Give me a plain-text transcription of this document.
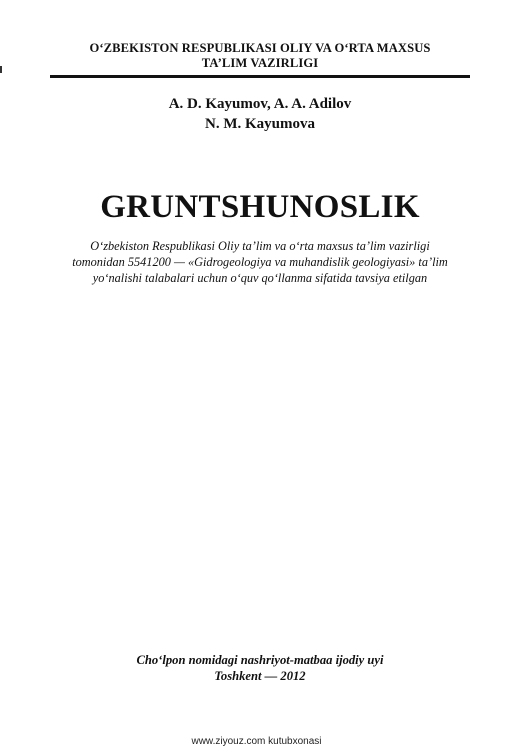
O‘ZBEKISTON RESPUBLIKASI OLIY VA O‘RTA MAXSUS
TA’LIM VAZIRLIGI
A. D. Kayumov, A. A. Adilov
N. M. Kayumova
GRUNTSHUNOSLIK
O‘zbekiston Respublikasi Oliy ta’lim va o‘rta maxsus ta’lim vazirligi
tomonidan 5541200 — «Gidrogeologiya va muhandislik geologiyasi» ta’lim
yo‘nalishi talabalari uchun o‘quv qo‘llanma sifatida tavsiya etilgan
Cho‘lpon nomidagi nashriyot-matbaa ijodiy uyi
Toshkent — 2012
www.ziyouz.com kutubxonasi
